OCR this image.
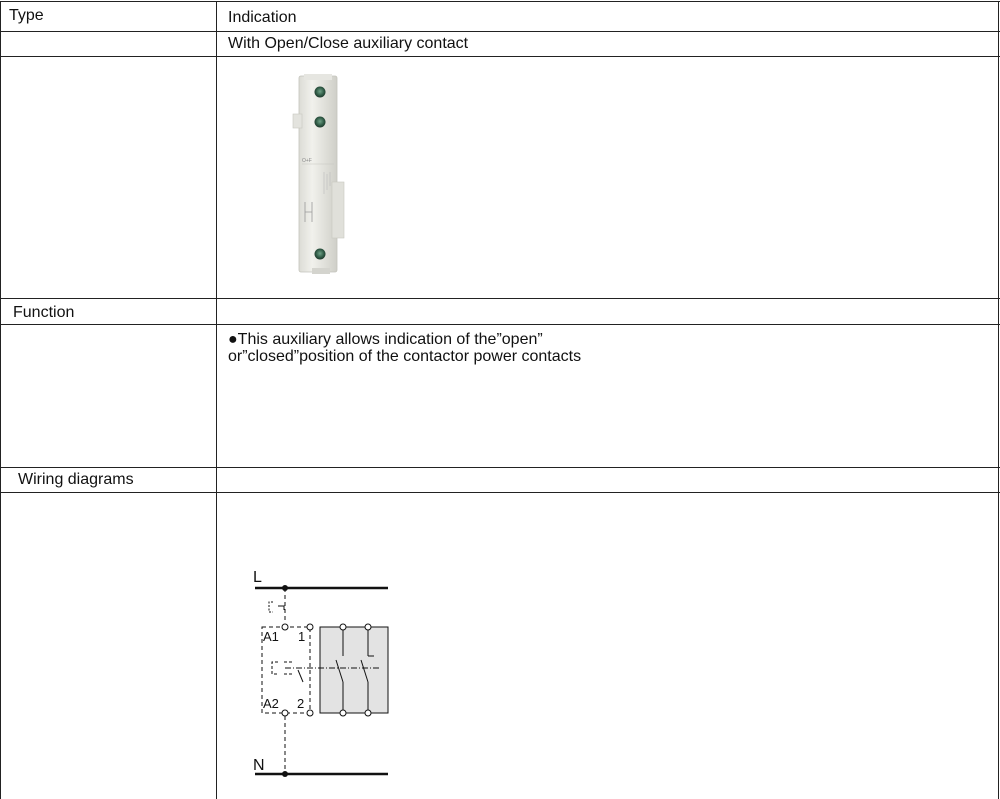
Type	Indication
With Open/Close auxiliary contact
Function
●This auxiliary allows indication of the”open”
or”closed”position of the contactor power contacts
Wiring diagrams
O+F
L
N
A1
A2
1
2
